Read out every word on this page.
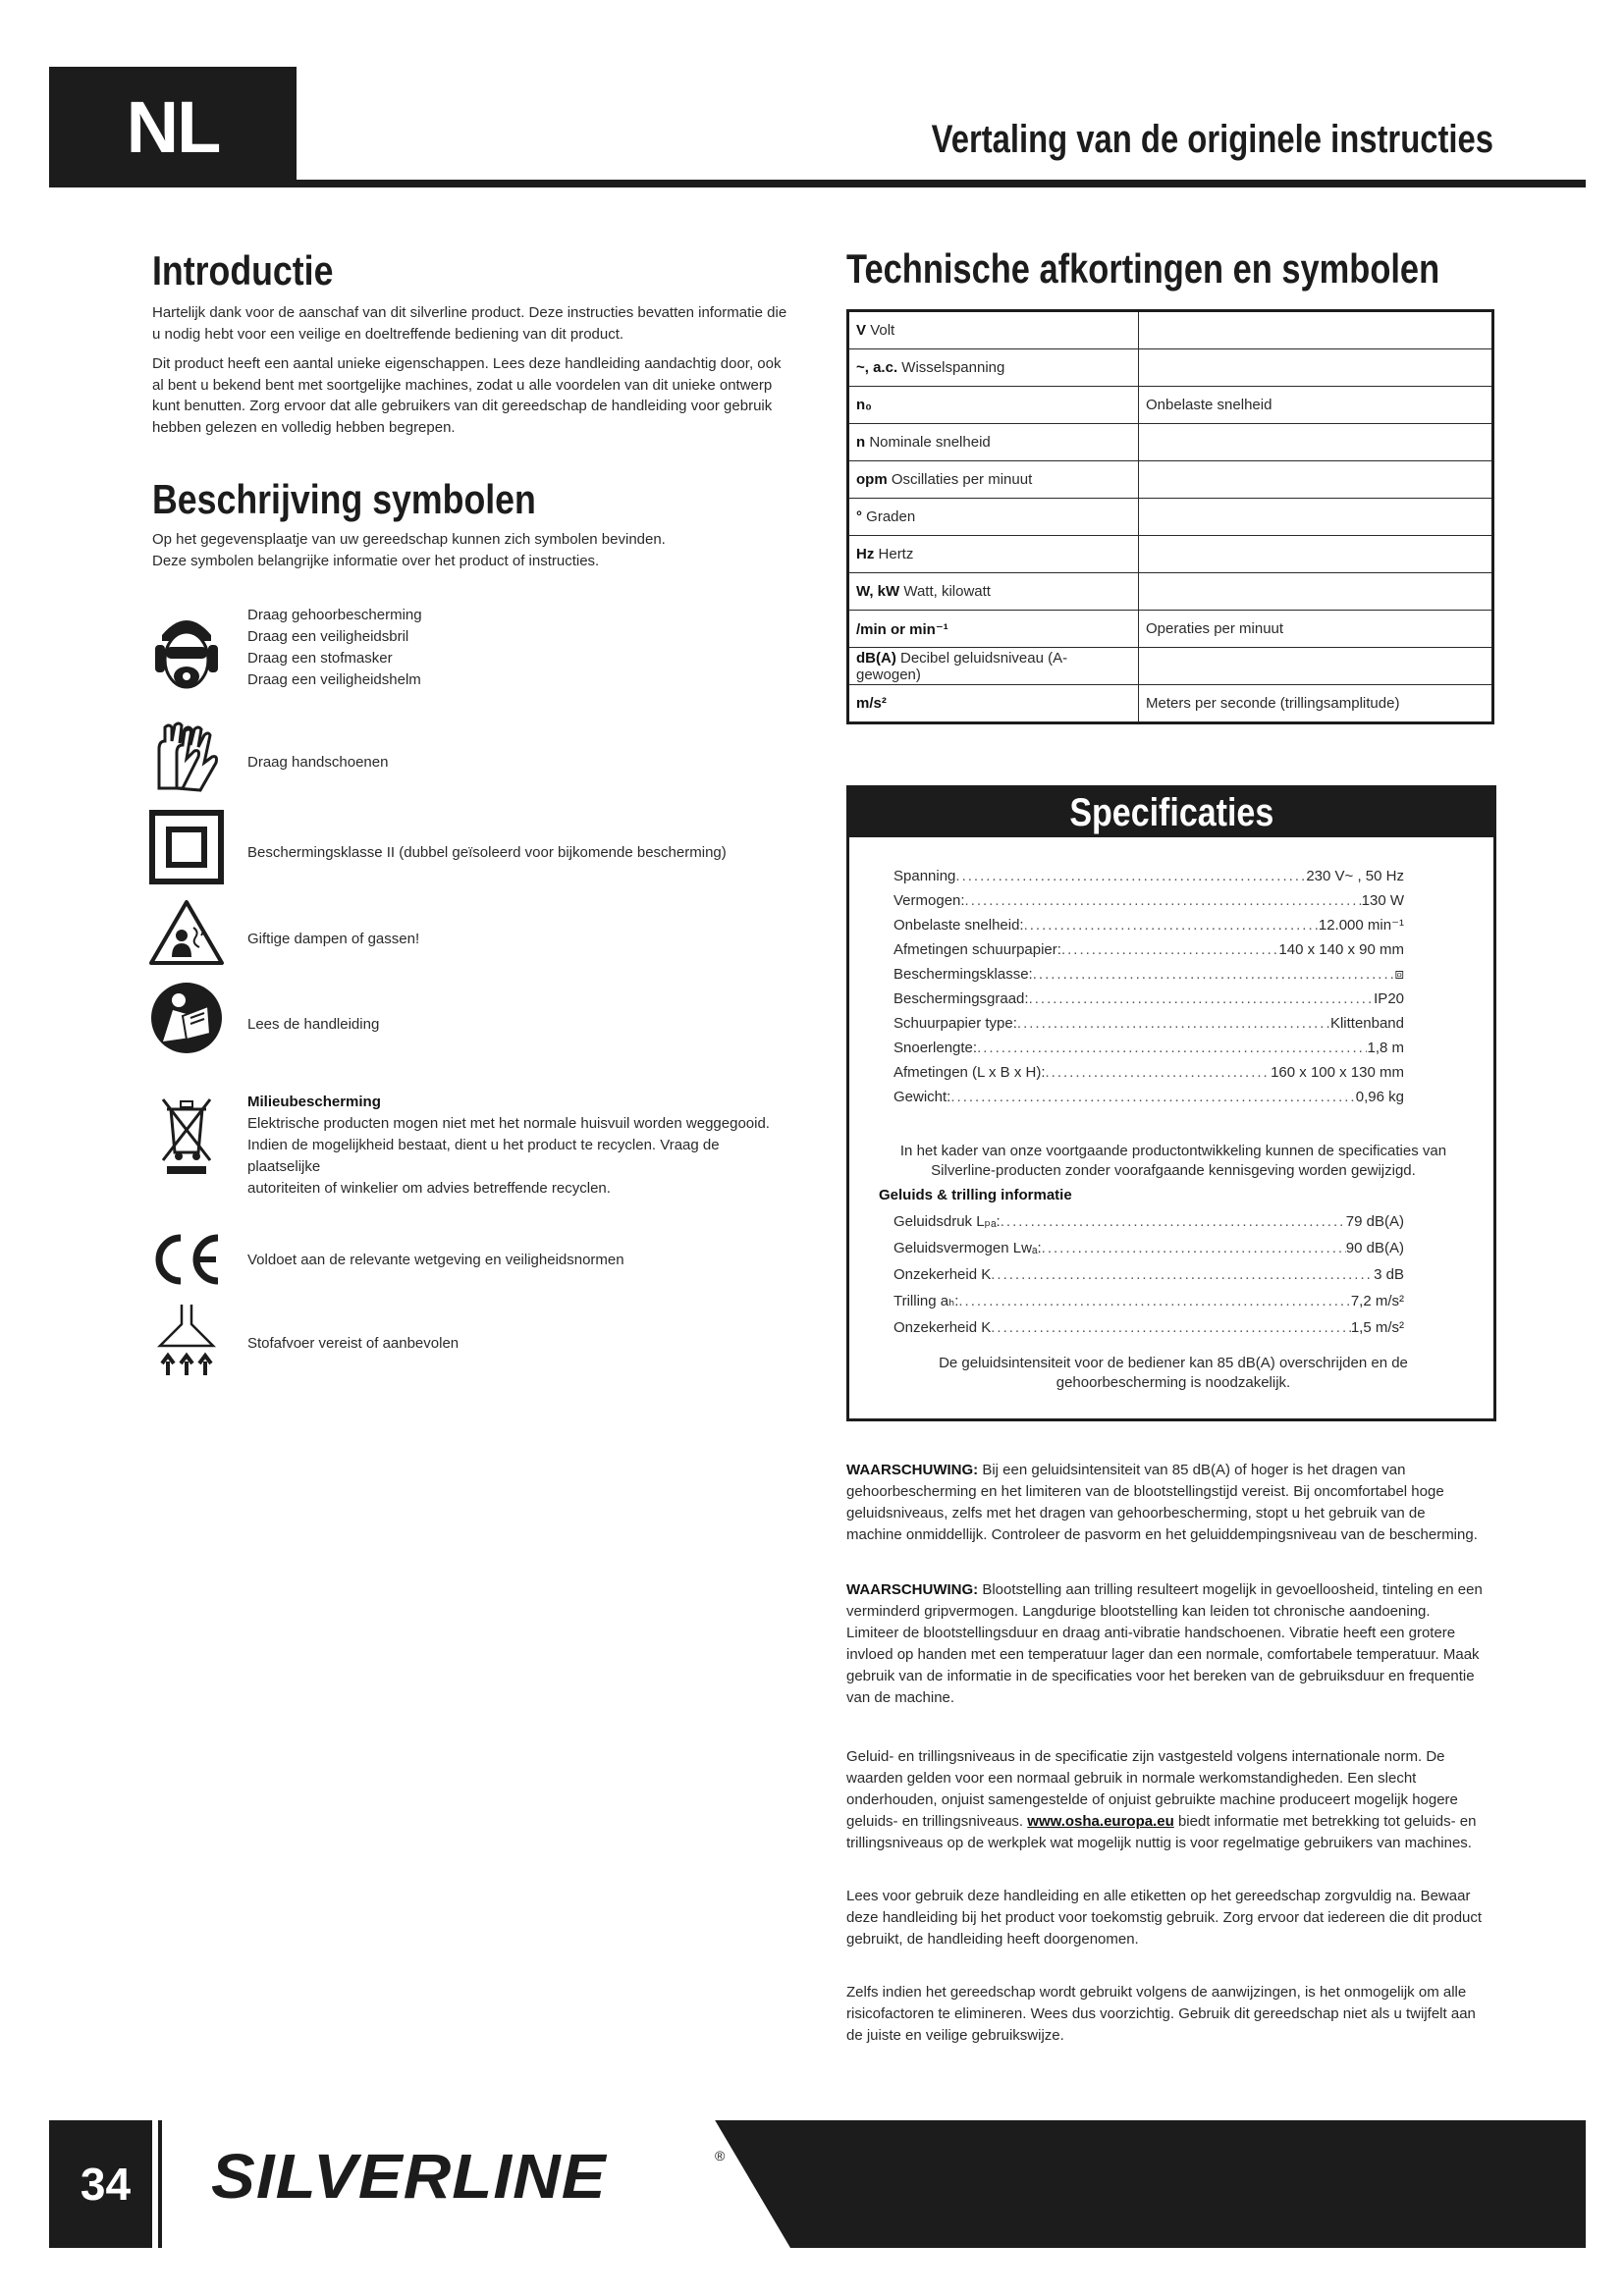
NL	Vertaling van de originele instructies
Introductie

Hartelijk dank voor de aanschaf van dit silverline product. Deze instructies bevatten informatie die u nodig hebt voor een veilige en doeltreffende bediening van dit product.

Dit product heeft een aantal unieke eigenschappen. Lees deze handleiding aandachtig door, ook al bent u bekend bent met soortgelijke machines, zodat u alle voordelen van dit unieke ontwerp kunt benutten. Zorg ervoor dat alle gebruikers van dit gereedschap de handleiding voor gebruik hebben gelezen en volledig hebben begrepen.

Beschrijving symbolen
Op het gegevensplaatje van uw gereedschap kunnen zich symbolen bevinden.
Deze symbolen belangrijke informatie over het product of instructies.
Draag gehoorbescherming
Draag een veiligheidsbril
Draag een stofmasker
Draag een veiligheidshelm
Draag handschoenen
Beschermingsklasse II (dubbel geïsoleerd voor bijkomende bescherming)
Giftige dampen of gassen!
Lees de handleiding
Milieubescherming
Elektrische producten mogen niet met het normale huisvuil worden weggegooid.
Indien de mogelijkheid bestaat, dient u het product te recyclen. Vraag de plaatselijke
autoriteiten of winkelier om advies betreffende recyclen.
Voldoet aan de relevante wetgeving en veiligheidsnormen
Stofafvoer vereist of aanbevolen
Technische afkortingen en symbolen
V Volt	
~, a.c. Wisselspanning	
n₀	Onbelaste snelheid
n Nominale snelheid	
opm Oscillaties per minuut	
° Graden	
Hz Hertz	
W, kW Watt, kilowatt	
/min or min⁻¹	Operaties per minuut
dB(A) Decibel geluidsniveau (A-gewogen)	
m/s²	Meters per seconde (trillingsamplitude)
Specificaties
Spanning .....	230 V~ , 50 Hz
Vermogen: .....	130 W
Onbelaste snelheid: .....	12.000 min⁻¹
Afmetingen schuurpapier: .....	140 x 140 x 90 mm
Beschermingsklasse: .....	⧈
Beschermingsgraad: .....	IP20
Schuurpapier type: .....	Klittenband
Snoerlengte: .....	1,8 m
Afmetingen (L x B x H): .....	160 x 100 x 130 mm
Gewicht: .....	0,96 kg
In het kader van onze voortgaande productontwikkeling kunnen de specificaties van Silverline-producten zonder voorafgaande kennisgeving worden gewijzigd.
Geluids & trilling informatie
Geluidsdruk Lₚₐ: .....	79 dB(A)
Geluidsvermogen Lwₐ: .....	90 dB(A)
Onzekerheid K .....	3 dB
Trilling aₕ: .....	7,2 m/s²
Onzekerheid K .....	1,5 m/s²
De geluidsintensiteit voor de bediener kan 85 dB(A) overschrijden en de gehoorbescherming is noodzakelijk.

WAARSCHUWING: Bij een geluidsintensiteit van 85 dB(A) of hoger is het dragen van gehoorbescherming en het limiteren van de blootstellingstijd vereist. Bij oncomfortabel hoge geluidsniveaus, zelfs met het dragen van gehoorbescherming, stopt u het gebruik van de machine onmiddellijk. Controleer de pasvorm en het geluiddempingsniveau van de bescherming.

WAARSCHUWING: Blootstelling aan trilling resulteert mogelijk in gevoelloosheid, tinteling en een verminderd gripvermogen. Langdurige blootstelling kan leiden tot chronische aandoening. Limiteer de blootstellingsduur en draag anti-vibratie handschoenen. Vibratie heeft een grotere invloed op handen met een temperatuur lager dan een normale, comfortabele temperatuur. Maak gebruik van de informatie in de specificaties voor het bereken van de gebruiksduur en frequentie van de machine.

Geluid- en trillingsniveaus in de specificatie zijn vastgesteld volgens internationale norm. De waarden gelden voor een normaal gebruik in normale werkomstandigheden. Een slecht onderhouden, onjuist samengestelde of onjuist gebruikte machine produceert mogelijk hogere geluids- en trillingsniveaus. www.osha.europa.eu biedt informatie met betrekking tot geluids- en trillingsniveaus op de werkplek wat mogelijk nuttig is voor regelmatige gebruikers van machines.

Lees voor gebruik deze handleiding en alle etiketten op het gereedschap zorgvuldig na. Bewaar deze handleiding bij het product voor toekomstig gebruik. Zorg ervoor dat iedereen die dit product gebruikt, de handleiding heeft doorgenomen.

Zelfs indien het gereedschap wordt gebruikt volgens de aanwijzingen, is het onmogelijk om alle risicofactoren te elimineren. Wees dus voorzichtig. Gebruik dit gereedschap niet als u twijfelt aan de juiste en veilige gebruikswijze.

34	SILVERLINE	®
